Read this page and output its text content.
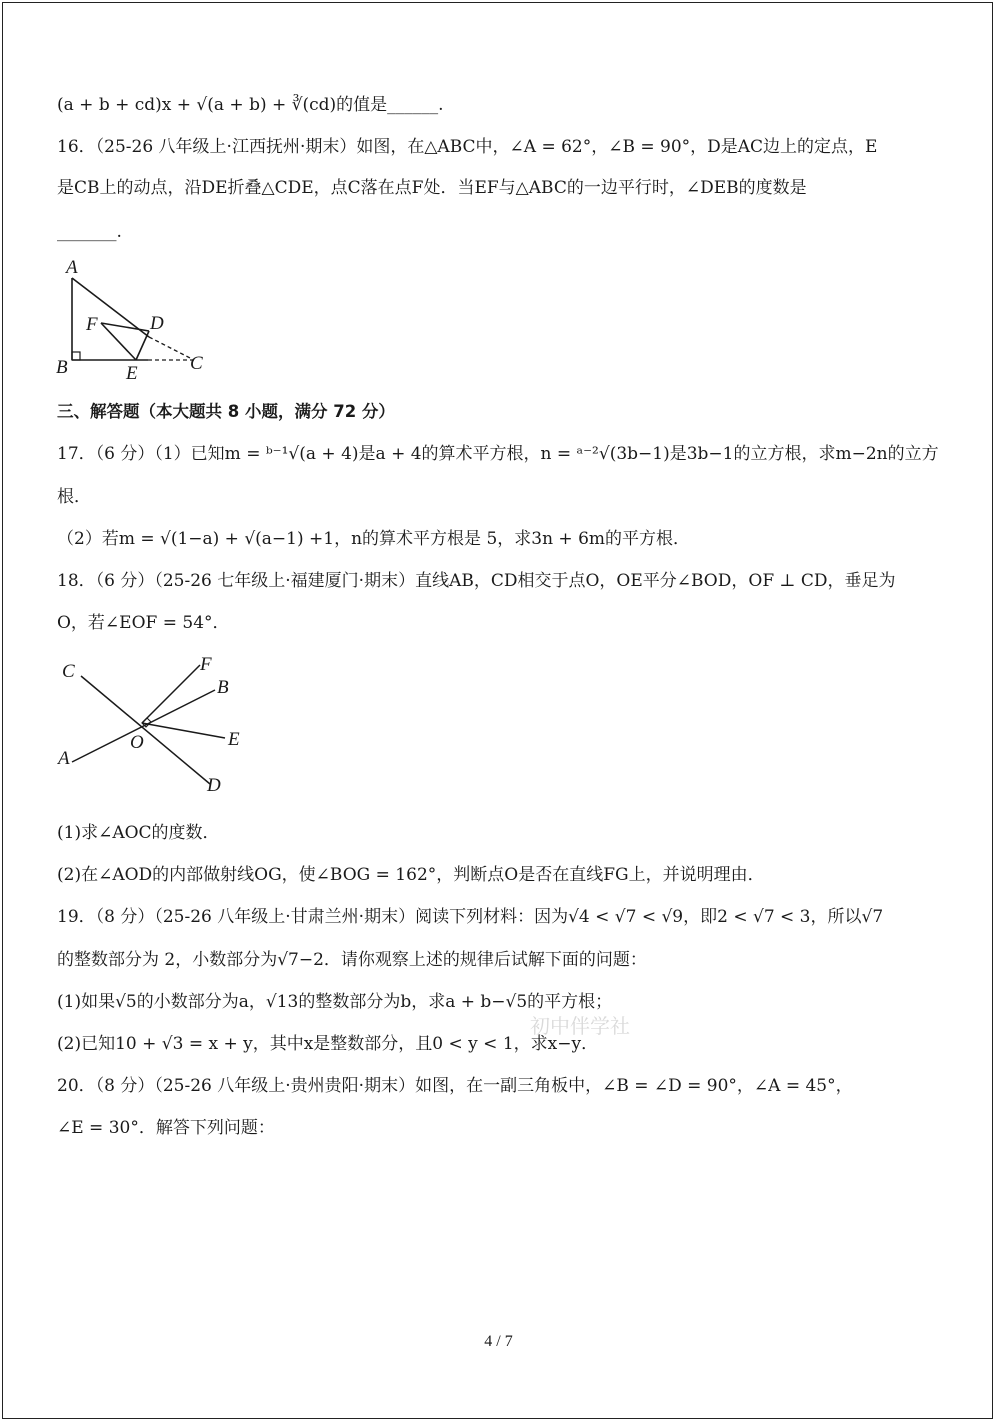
(a + b + cd)x + √(a + b) + ∛(cd)的值是______.
16．（25-26 八年级上·江西抚州·期末）如图，在△ABC中，∠A = 62°，∠B = 90°，D是AC边上的定点，E
是CB上的动点，沿DE折叠△CDE，点C落在点F处．当EF与△ABC的一边平行时，∠DEB的度数是
_______.
A
B	C
D
E
F
三、解答题（本大题共 8 小题，满分 72 分）
17．（6 分）（1）已知m = ᵇ⁻¹√(a + 4)是a + 4的算术平方根，n = ᵃ⁻²√(3b−1)是3b−1的立方根，求m−2n的立方
根．
（2）若m = √(1−a) + √(a−1) +1，n的算术平方根是 5，求3n + 6m的平方根．
18．（6 分）（25-26 七年级上·福建厦门·期末）直线AB，CD相交于点O，OE平分∠BOD，OF ⊥ CD，垂足为
O，若∠EOF = 54°．
C	F
B
O	E
A
D
(1)求∠AOC的度数．
(2)在∠AOD的内部做射线OG，使∠BOG = 162°，判断点O是否在直线FG上，并说明理由．
19．（8 分）（25-26 八年级上·甘肃兰州·期末）阅读下列材料：因为√4 < √7 < √9，即2 < √7 < 3，所以√7
的整数部分为 2，小数部分为√7−2．请你观察上述的规律后试解下面的问题：
(1)如果√5的小数部分为a，√13的整数部分为b，求a + b−√5的平方根；
(2)已知10 + √3 = x + y，其中x是整数部分，且0 < y < 1，求x−y．
20．（8 分）（25-26 八年级上·贵州贵阳·期末）如图，在一副三角板中，∠B = ∠D = 90°，∠A = 45°，
∠E = 30°．解答下列问题：
初中伴学社
4 / 7
